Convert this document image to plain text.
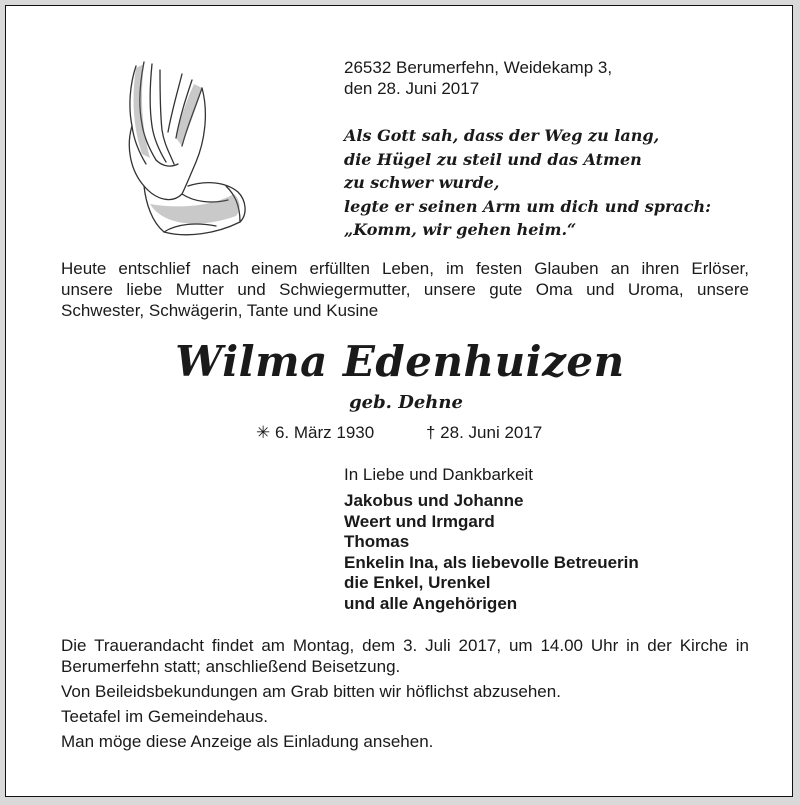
26532 Berumerfehn, Weidekamp 3,
den 28. Juni 2017
Als Gott sah, dass der Weg zu lang,
die Hügel zu steil und das Atmen
zu schwer wurde,
legte er seinen Arm um dich und sprach:
„Komm, wir gehen heim.“
Heute entschlief nach einem erfüllten Leben, im festen Glauben an ihren Erlöser,
unsere liebe Mutter und Schwiegermutter, unsere gute Oma und Uroma, unsere
Schwester, Schwägerin, Tante und Kusine
Wilma Edenhuizen
geb. Dehne
✳ 6. März 1930	† 28. Juni 2017
In Liebe und Dankbarkeit
Jakobus und Johanne
Weert und Irmgard
Thomas
Enkelin Ina, als liebevolle Betreuerin
die Enkel, Urenkel
und alle Angehörigen
Die Trauerandacht findet am Montag, dem 3. Juli 2017, um 14.00 Uhr in der Kirche in
Berumerfehn statt; anschließend Beisetzung.
Von Beileidsbekundungen am Grab bitten wir höflichst abzusehen.
Teetafel im Gemeindehaus.
Man möge diese Anzeige als Einladung ansehen.
